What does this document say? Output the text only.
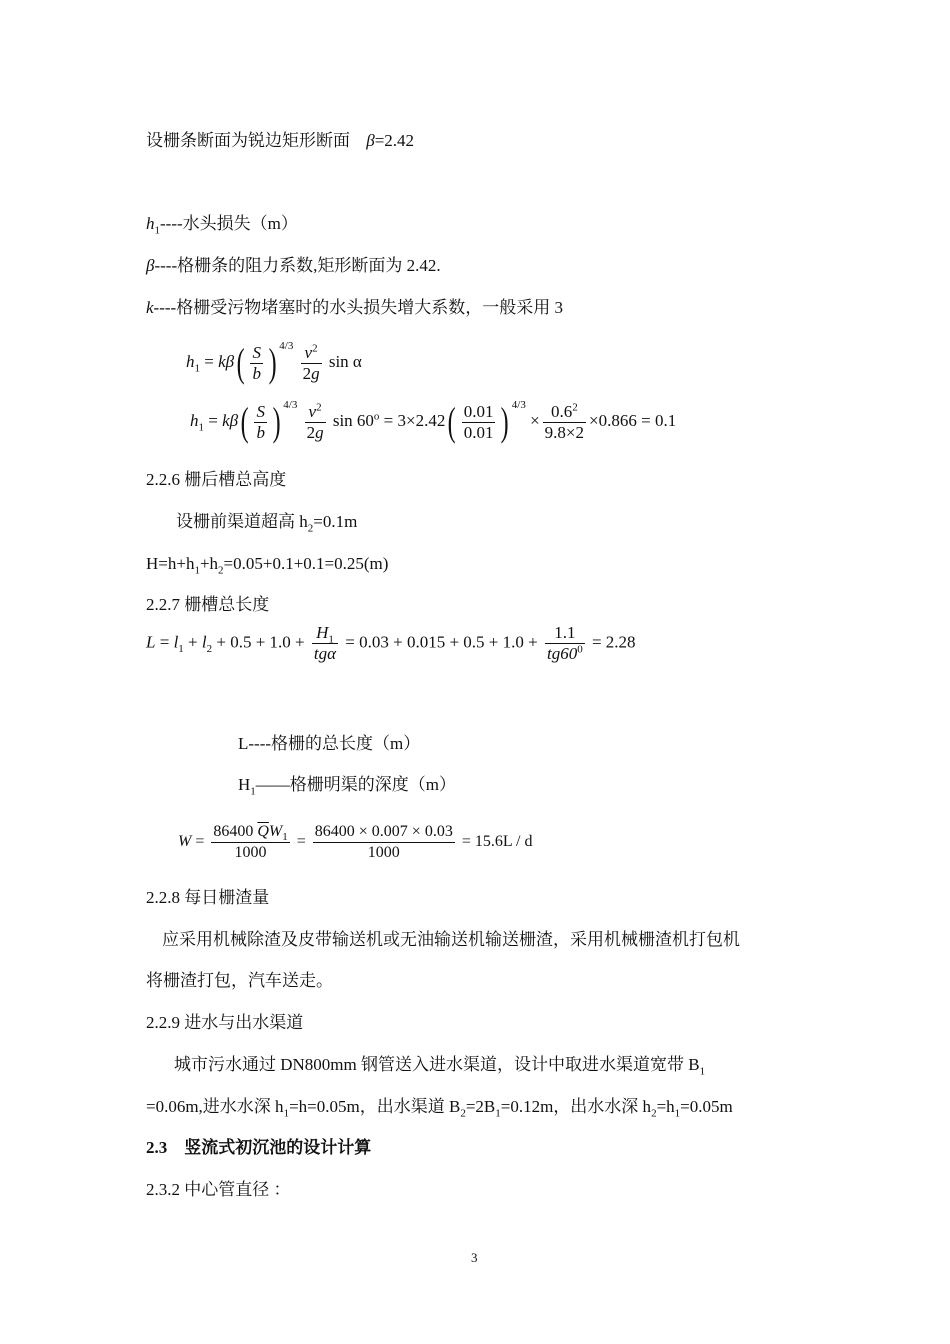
设栅条断面为锐边矩形断面 β=2.42
$h_1----$水头损失（m）
β----格栅条的阻力系数,矩形断面为 2.42.
k----格栅受污物堵塞时的水头损失增大系数，一般采用 3
$h_1 = k\beta( \frac{S}{b}$ ) $^{4/3} \frac{v^2}{2g}$ sin α
$h_1 = k\beta( \frac{S}{b}$ ) $^{4/3} \frac{v^2}{2g}$ $\sin 60^o = 3\times 2.42( \frac{0.01}{0.01}$ ) $^{4/3} \times \frac{0.6^2}{9.8\times 2} \times 0.866 = 0.1$
2.2.6 栅后槽总高度
设栅前渠道超高 $h_2=0.1m$
$H=h+h_1+h_2=0.05+0.1+0.1=0.25(m)$
2.2.7 栅槽总长度
$L = l_1 + l_2 + 0.5 + 1.0 + \frac{H_1}{\text{tgα}} = 0.03 + 0.015 + 0.5 + 1.0 + \frac{1.1}{tg60^0} = 2.28$
L----格栅的总长度（m）
$H_1——$格栅明渠的深度（m）
$W = \frac{86400 \overline{Q}W_1}{1000} = \frac{86400 \times 0.007 \times 0.03}{1000} = 15.6L / d$
2.2.8 每日栅渣量
应采用机械除渣及皮带输送机或无油输送机输送栅渣，采用机械栅渣机打包机
将栅渣打包，汽车送走。
2.2.9 进水与出水渠道
城市污水通过 DN800mm 钢管送入进水渠道，设计中取进水渠道宽带 $B_1$
=0.06m,进水水深 $h_1=h=0.05m$，出水渠道 $B_2=2B_1=0.12m$，出水水深 $h_2=h_1=0.05m$
2.3　竖流式初沉池的设计计算
2.3.2 中心管直径 ：
3
